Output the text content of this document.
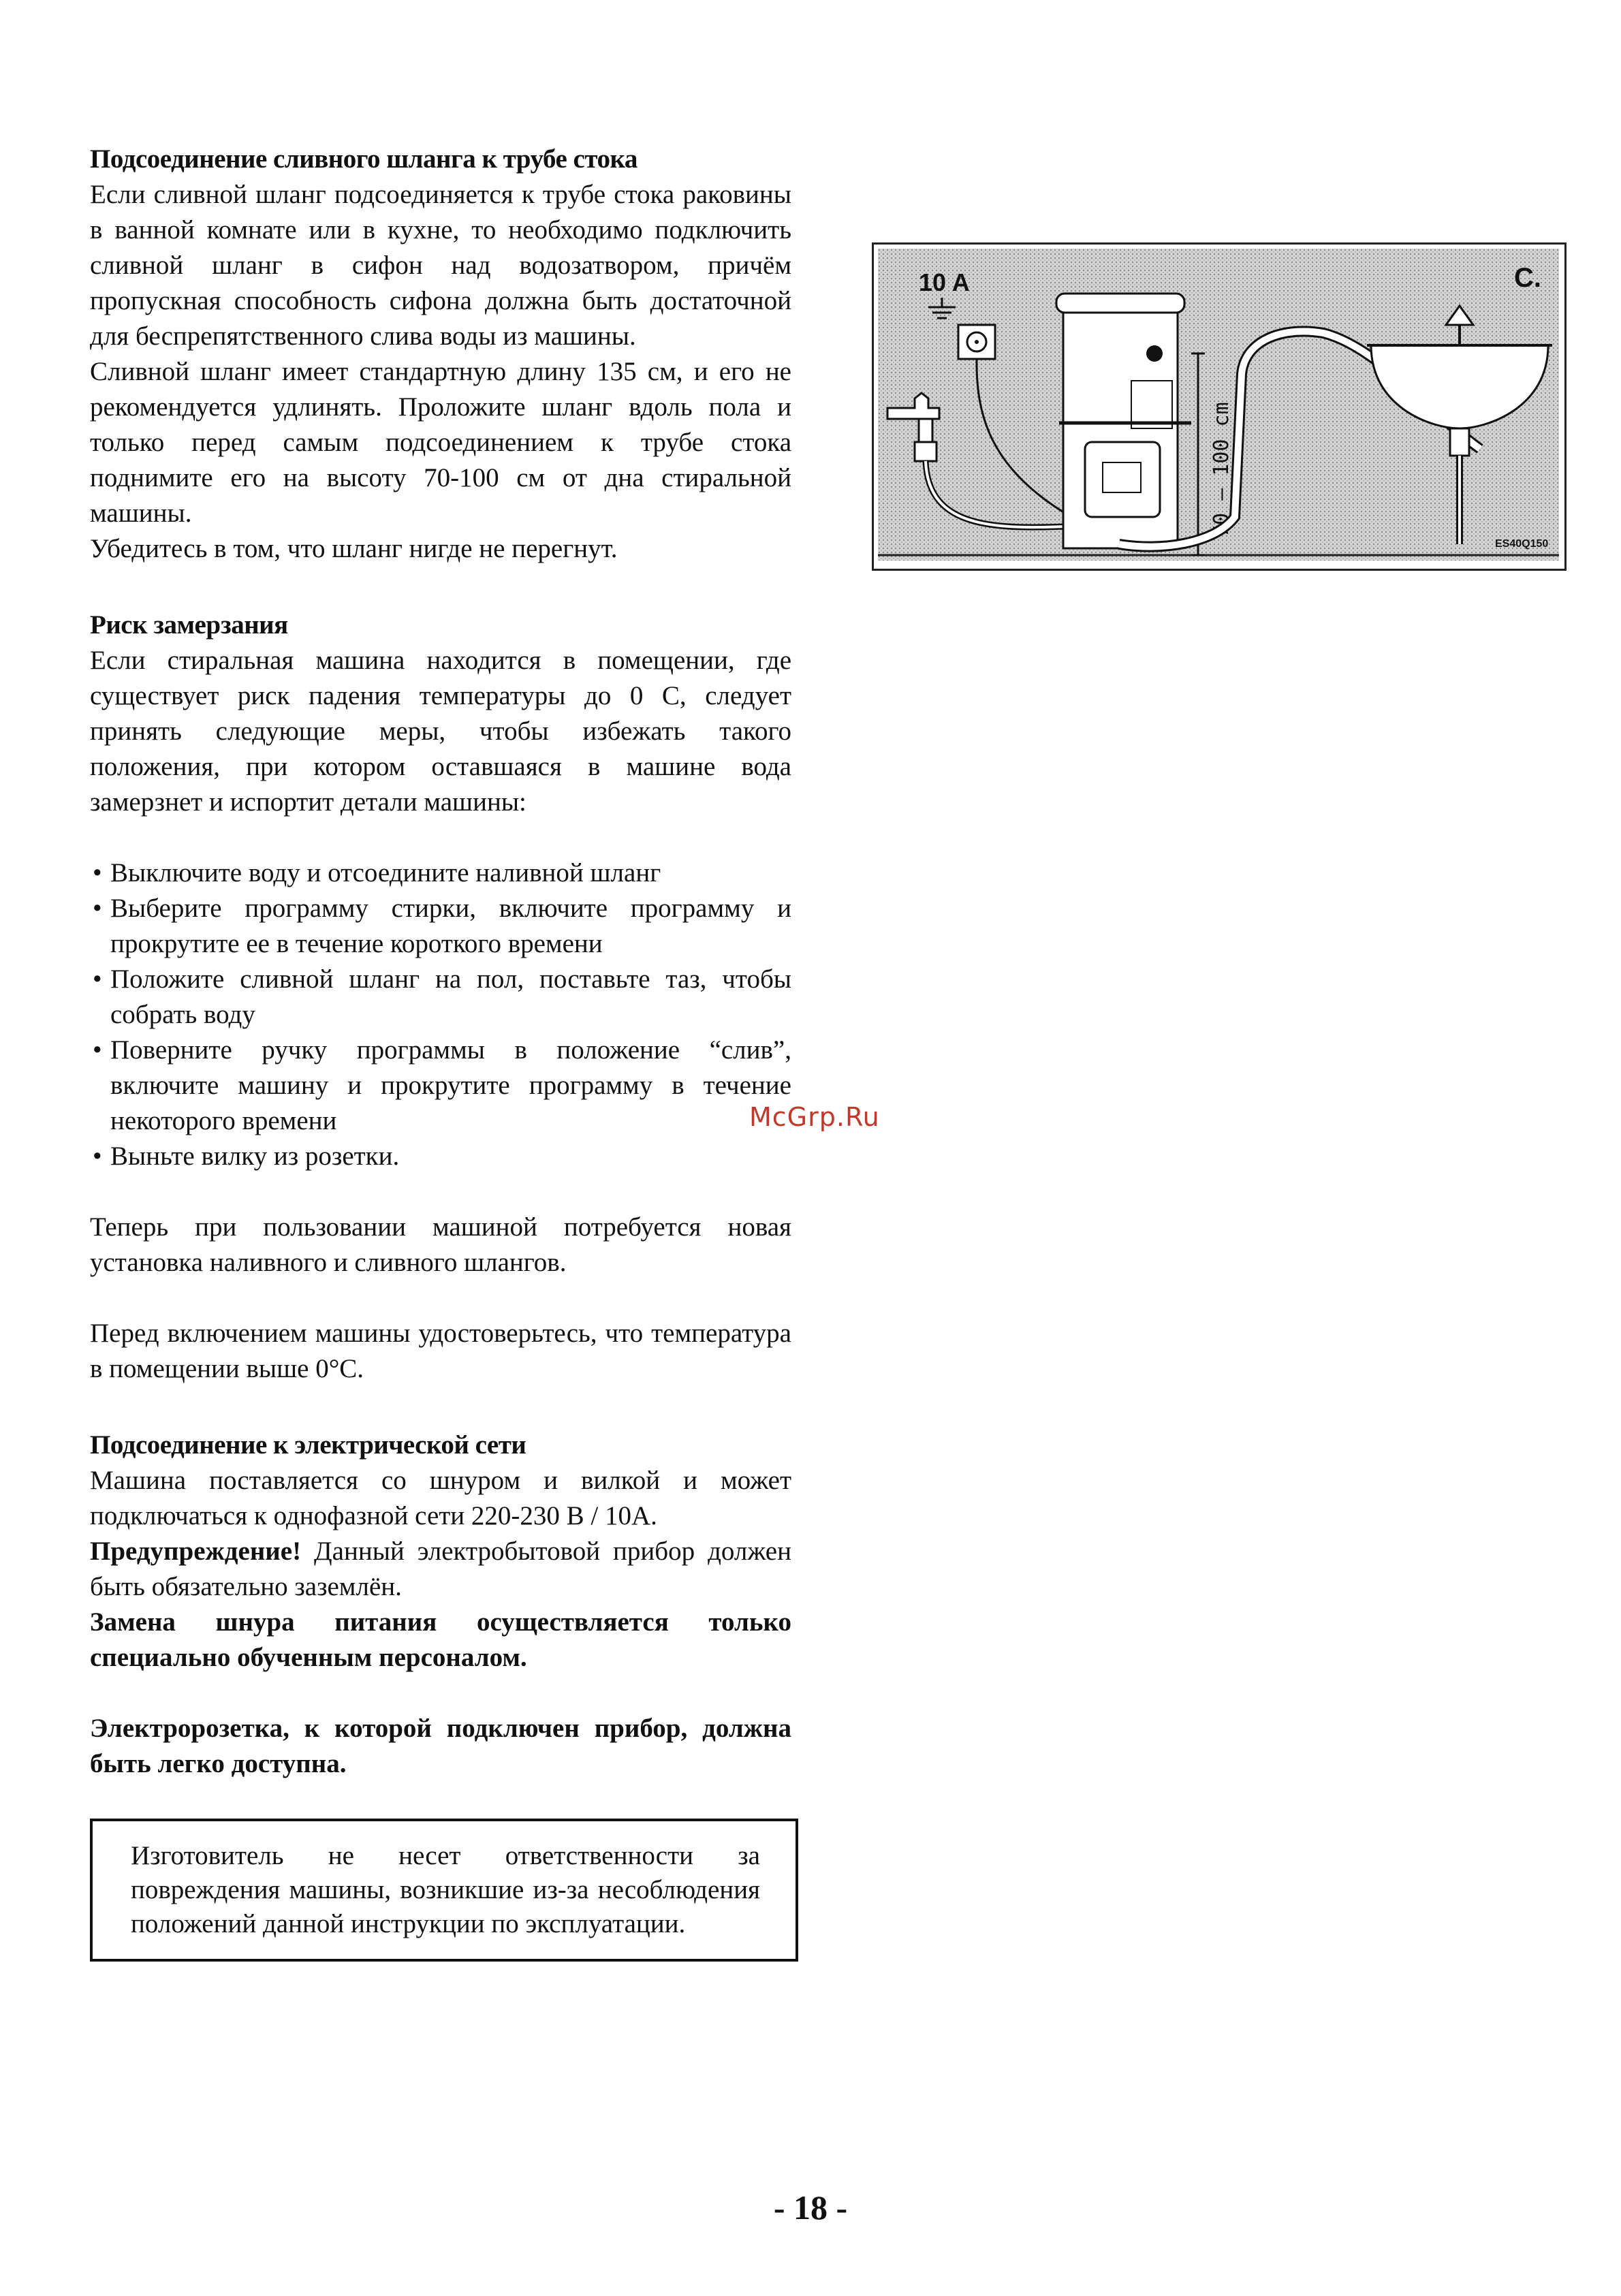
Подсоединение сливного шланга к трубе стока

Если сливной шланг подсоединяется к трубе стока раковины в ванной комнате или в кухне, то необходимо подключить сливной шланг в сифон над водозатвором, причём пропускная способность сифона должна быть достаточной для беспрепятственного слива воды из машины.

Сливной шланг имеет стандартную длину 135 см, и его не рекомендуется удлинять. Проложите шланг вдоль пола и только перед самым подсоединением к трубе стока поднимите его на высоту 70-100 см от дна стиральной машины.

Убедитесь в том, что шланг нигде не перегнут.

Риск замерзания

Если стиральная машина находится в помещении, где существует риск падения температуры до 0 С, следует принять следующие меры, чтобы избежать такого положения, при котором оставшаяся в машине вода замерзнет и испортит детали машины:

• Выключите воду и отсоедините наливной шланг
• Выберите программу стирки, включите программу и прокрутите ее в течение короткого времени
• Положите сливной шланг на пол, поставьте таз, чтобы собрать воду
• Поверните ручку программы в положение “слив”, включите машину и прокрутите программу в течение некоторого времени
• Выньте вилку из розетки.

Теперь при пользовании машиной потребуется новая установка наливного и сливного шлангов.

Перед включением машины удостоверьтесь, что температура в помещении выше 0°С.

Подсоединение к электрической сети

Машина поставляется со шнуром и вилкой и может подключаться к однофазной сети 220-230 В / 10А.

Предупреждение! Данный электробытовой прибор должен быть обязательно заземлён.

Замена шнура питания осуществляется только специально обученным персоналом.

Электророзетка, к которой подключен прибор, должна быть легко доступна.

Изготовитель не несет ответственности за повреждения машины, возникшие из-за несоблюдения положений данной инструкции по эксплуатации.
10 A	C.
70 – 100 cm
ES40Q150
McGrp.Ru
- 18 -
